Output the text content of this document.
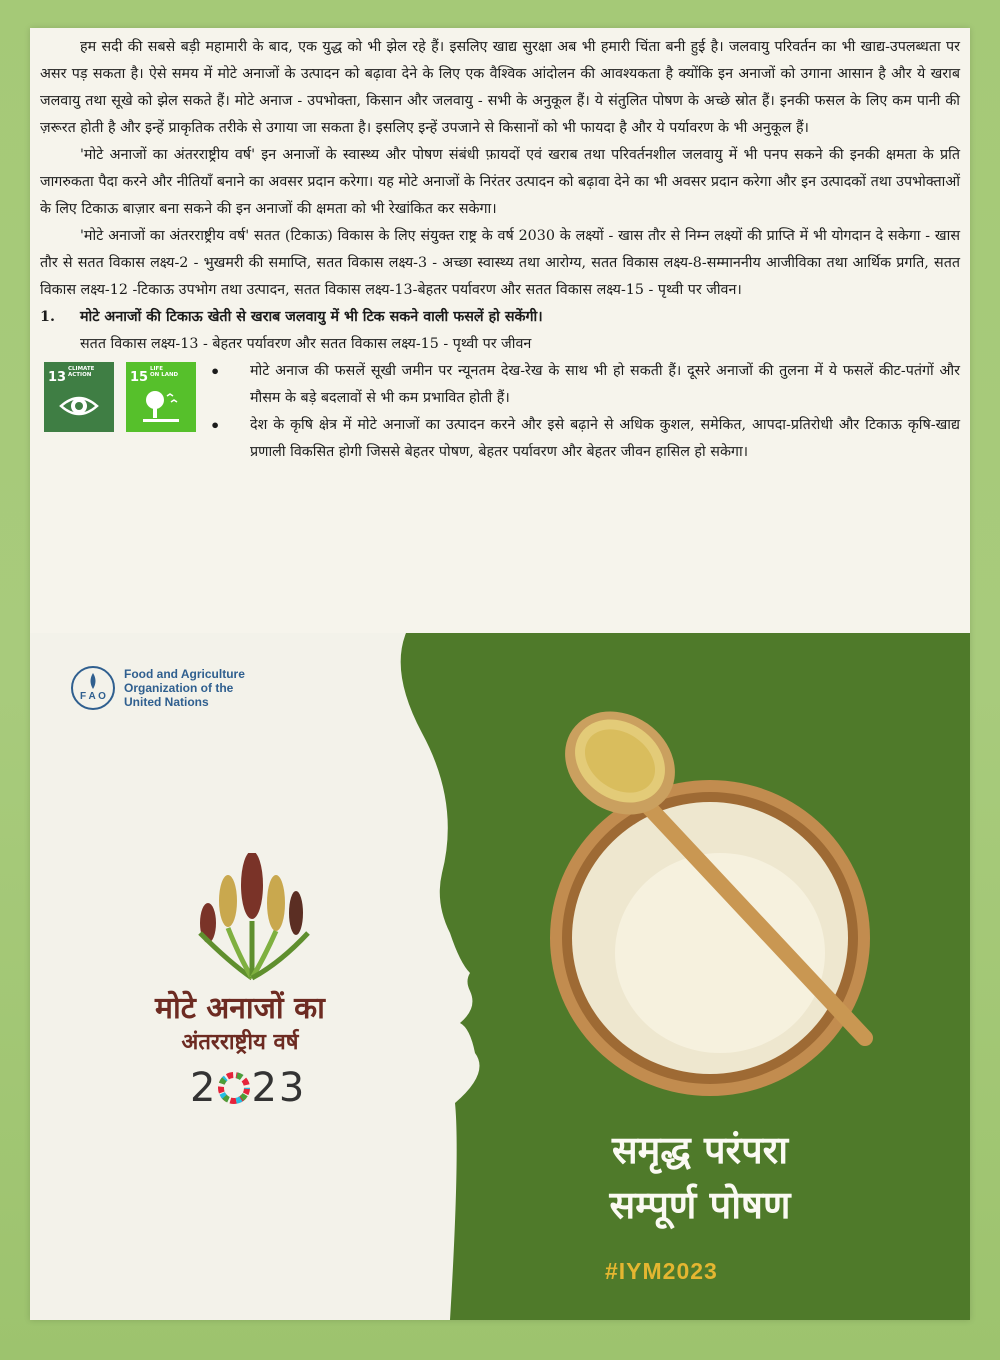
हम सदी की सबसे बड़ी महामारी के बाद, एक युद्ध को भी झेल रहे हैं। इसलिए खाद्य सुरक्षा अब भी हमारी चिंता बनी हुई है। जलवायु परिवर्तन का भी खाद्य-उपलब्धता पर असर पड़ सकता है। ऐसे समय में मोटे अनाजों के उत्पादन को बढ़ावा देने के लिए एक वैश्विक आंदोलन की आवश्यकता है क्योंकि इन अनाजों को उगाना आसान है और ये खराब जलवायु तथा सूखे को झेल सकते हैं। मोटे अनाज - उपभोक्ता, किसान और जलवायु - सभी के अनुकूल हैं। ये संतुलित पोषण के अच्छे स्रोत हैं। इनकी फसल के लिए कम पानी की ज़रूरत होती है और इन्हें प्राकृतिक तरीके से उगाया जा सकता है। इसलिए इन्हें उपजाने से किसानों को भी फायदा है और ये पर्यावरण के भी अनुकूल हैं।

'मोटे अनाजों का अंतरराष्ट्रीय वर्ष' इन अनाजों के स्वास्थ्य और पोषण संबंधी फ़ायदों एवं खराब तथा परिवर्तनशील जलवायु में भी पनप सकने की इनकी क्षमता के प्रति जागरुकता पैदा करने और नीतियाँ बनाने का अवसर प्रदान करेगा। यह मोटे अनाजों के निरंतर उत्पादन को बढ़ावा देने का भी अवसर प्रदान करेगा और इन उत्पादकों तथा उपभोक्ताओं के लिए टिकाऊ बाज़ार बना सकने की इन अनाजों की क्षमता को भी रेखांकित कर सकेगा।

'मोटे अनाजों का अंतरराष्ट्रीय वर्ष' सतत (टिकाऊ) विकास के लिए संयुक्त राष्ट्र के वर्ष 2030 के लक्ष्यों - खास तौर से निम्न लक्ष्यों की प्राप्ति में भी योगदान दे सकेगा - खास तौर से सतत विकास लक्ष्य-2 - भुखमरी की समाप्ति, सतत विकास लक्ष्य-3 - अच्छा स्वास्थ्य तथा आरोग्य, सतत विकास लक्ष्य-8-सम्माननीय आजीविका तथा आर्थिक प्रगति, सतत विकास लक्ष्य-12 -टिकाऊ उपभोग तथा उत्पादन, सतत विकास लक्ष्य-13-बेहतर पर्यावरण और सतत विकास लक्ष्य-15 - पृथ्वी पर जीवन।

1.	मोटे अनाजों की टिकाऊ खेती से खराब जलवायु में भी टिक सकने वाली फसलें हो सकेंगी।

सतत विकास लक्ष्य-13 - बेहतर पर्यावरण और सतत विकास लक्ष्य-15 - पृथ्वी पर जीवन

13
CLIMATE
ACTION	15
LIFE
ON LAND •	मोटे अनाज की फसलें सूखी जमीन पर न्यूनतम देख-रेख के साथ भी हो सकती हैं। दूसरे अनाजों की तुलना में ये फसलें कीट-पतंगों और मौसम के बड़े बदलावों से भी कम प्रभावित होती हैं।

•	देश के कृषि क्षेत्र में मोटे अनाजों का उत्पादन करने और इसे बढ़ाने से अधिक कुशल, समेकित, आपदा-प्रतिरोधी और टिकाऊ कृषि-खाद्य प्रणाली विकसित होगी जिससे बेहतर पोषण, बेहतर पर्यावरण और बेहतर जीवन हासिल हो सकेगा।

F A O
Food and Agriculture
Organization of the
United Nations
मोटे अनाजों का
अंतरराष्ट्रीय वर्ष
2 23
समृद्ध परंपरा
सम्पूर्ण पोषण
#IYM2023
